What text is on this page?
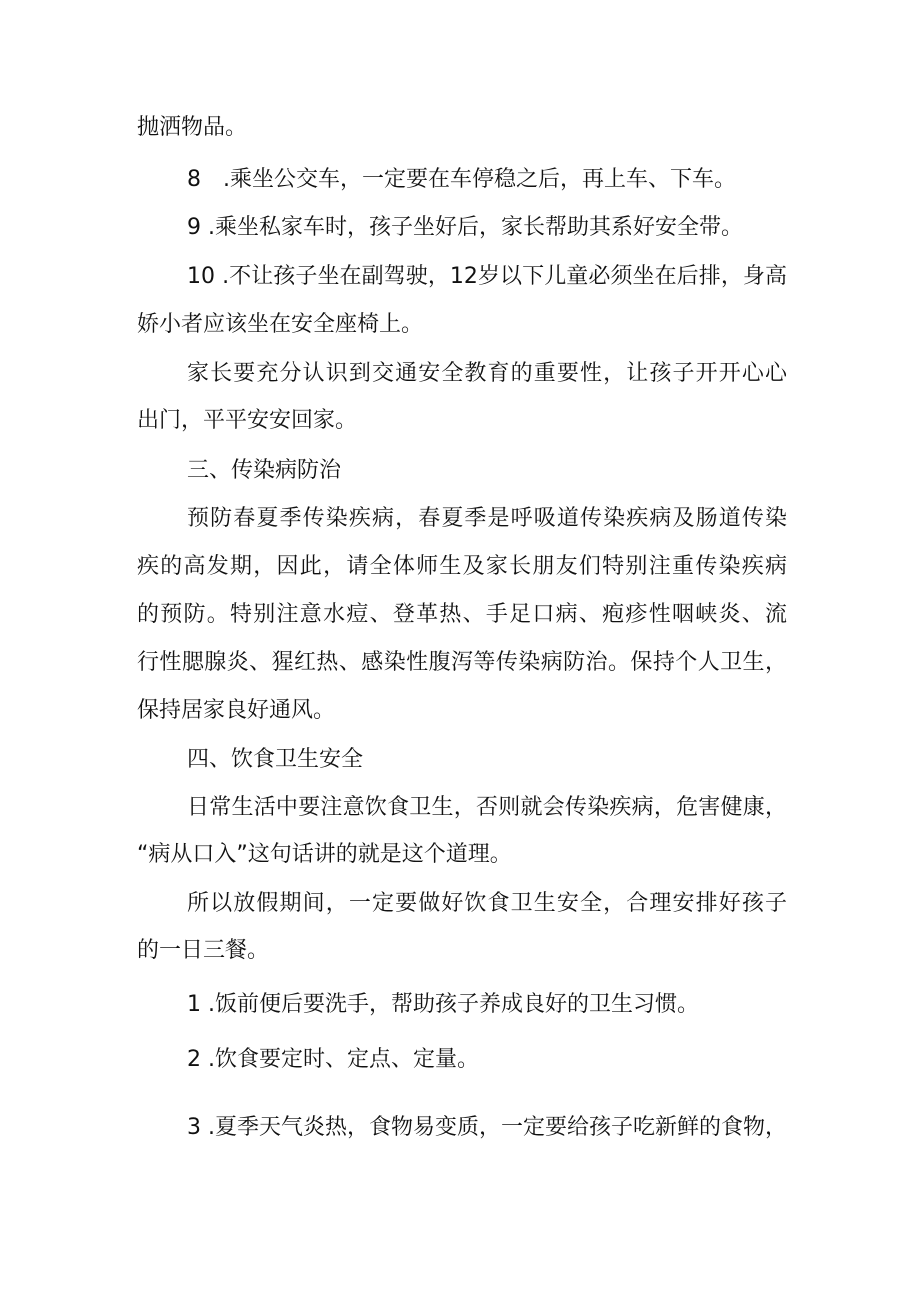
抛洒物品。
8　.乘坐公交车，一定要在车停稳之后，再上车、下车。
9 .乘坐私家车时，孩子坐好后，家长帮助其系好安全带。
10 .不让孩子坐在副驾驶，12岁以下儿童必须坐在后排，身高
娇小者应该坐在安全座椅上。
家长要充分认识到交通安全教育的重要性，让孩子开开心心
出门，平平安安回家。
三、传染病防治
预防春夏季传染疾病，春夏季是呼吸道传染疾病及肠道传染
疾的高发期，因此，请全体师生及家长朋友们特别注重传染疾病
的预防。特别注意水痘、登革热、手足口病、疱疹性咽峡炎、流
行性腮腺炎、猩红热、感染性腹泻等传染病防治。保持个人卫生，
保持居家良好通风。
四、饮食卫生安全
日常生活中要注意饮食卫生，否则就会传染疾病，危害健康，
“病从口入”这句话讲的就是这个道理。
所以放假期间，一定要做好饮食卫生安全，合理安排好孩子
的一日三餐。
1 .饭前便后要洗手，帮助孩子养成良好的卫生习惯。
2 .饮食要定时、定点、定量。
3 .夏季天气炎热，食物易变质，一定要给孩子吃新鲜的食物，
